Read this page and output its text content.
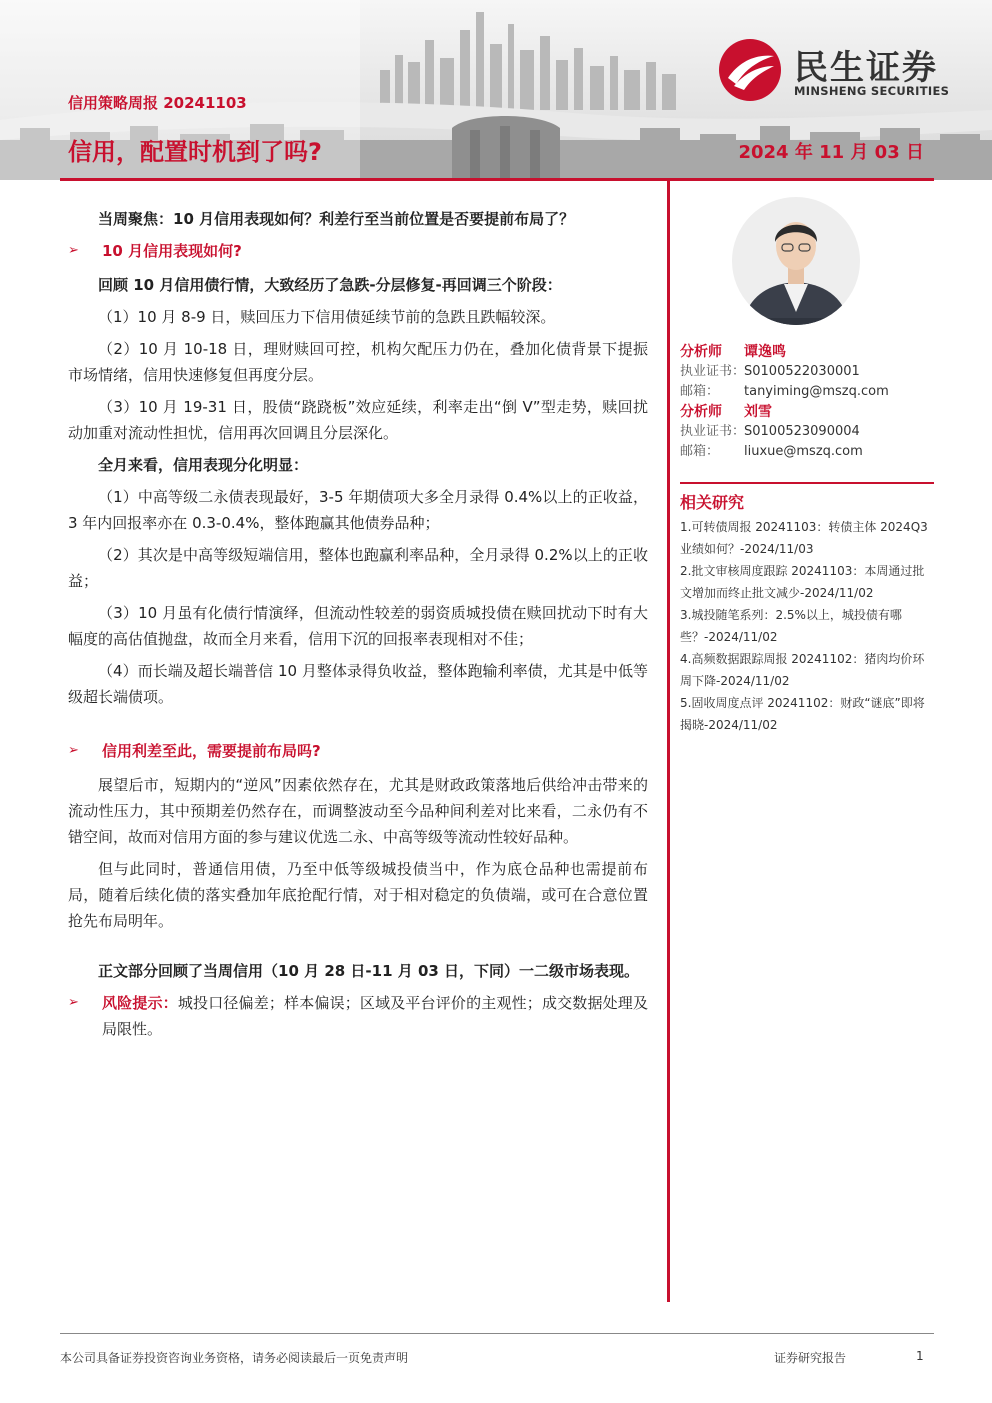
信用策略周报 20241103
信用，配置时机到了吗?	2024 年 11 月 03 日
民生证券
MINSHENG SECURITIES

当周聚焦：10 月信用表现如何？利差行至当前位置是否要提前布局了？

➢ 10 月信用表现如何?

回顾 10 月信用债行情，大致经历了急跌-分层修复-再回调三个阶段：

（1）10 月 8-9 日，赎回压力下信用债延续节前的急跌且跌幅较深。

（2）10 月 10-18 日，理财赎回可控，机构欠配压力仍在，叠加化债背景下提振市场情绪，信用快速修复但再度分层。

（3）10 月 19-31 日，股债“跷跷板”效应延续，利率走出“倒 V”型走势，赎回扰动加重对流动性担忧，信用再次回调且分层深化。

全月来看，信用表现分化明显：

（1）中高等级二永债表现最好，3-5 年期债项大多全月录得 0.4%以上的正收益，3 年内回报率亦在 0.3-0.4%，整体跑赢其他债券品种；

（2）其次是中高等级短端信用，整体也跑赢利率品种，全月录得 0.2%以上的正收益；

（3）10 月虽有化债行情演绎，但流动性较差的弱资质城投债在赎回扰动下时有大幅度的高估值抛盘，故而全月来看，信用下沉的回报率表现相对不佳；

（4）而长端及超长端普信 10 月整体录得负收益，整体跑输利率债，尤其是中低等级超长端债项。

➢ 信用利差至此，需要提前布局吗?

展望后市，短期内的“逆风”因素依然存在，尤其是财政政策落地后供给冲击带来的流动性压力，其中预期差仍然存在，而调整波动至今品种间利差对比来看，二永仍有不错空间，故而对信用方面的参与建议优选二永、中高等级等流动性较好品种。

但与此同时，普通信用债，乃至中低等级城投债当中，作为底仓品种也需提前布局，随着后续化债的落实叠加年底抢配行情，对于相对稳定的负债端，或可在合意位置抢先布局明年。

正文部分回顾了当周信用（10 月 28 日-11 月 03 日，下同）一二级市场表现。

➢ 风险提示：城投口径偏差；样本偏误；区域及平台评价的主观性；成交数据处理及局限性。
分析师 谭逸鸣
执业证书：S0100522030001
邮箱： tanyiming@mszq.com
分析师 刘雪
执业证书：S0100523090004
邮箱： liuxue@mszq.com
相关研究

1.可转债周报 20241103：转债主体 2024Q3 业绩如何？-2024/11/03

2.批文审核周度跟踪 20241103：本周通过批文增加而终止批文减少-2024/11/02

3.城投随笔系列：2.5%以上，城投债有哪些？-2024/11/02

4.高频数据跟踪周报 20241102：猪肉均价环周下降-2024/11/02

5.固收周度点评 20241102：财政“谜底”即将揭晓-2024/11/02

本公司具备证券投资咨询业务资格，请务必阅读最后一页免责声明	证券研究报告	1
